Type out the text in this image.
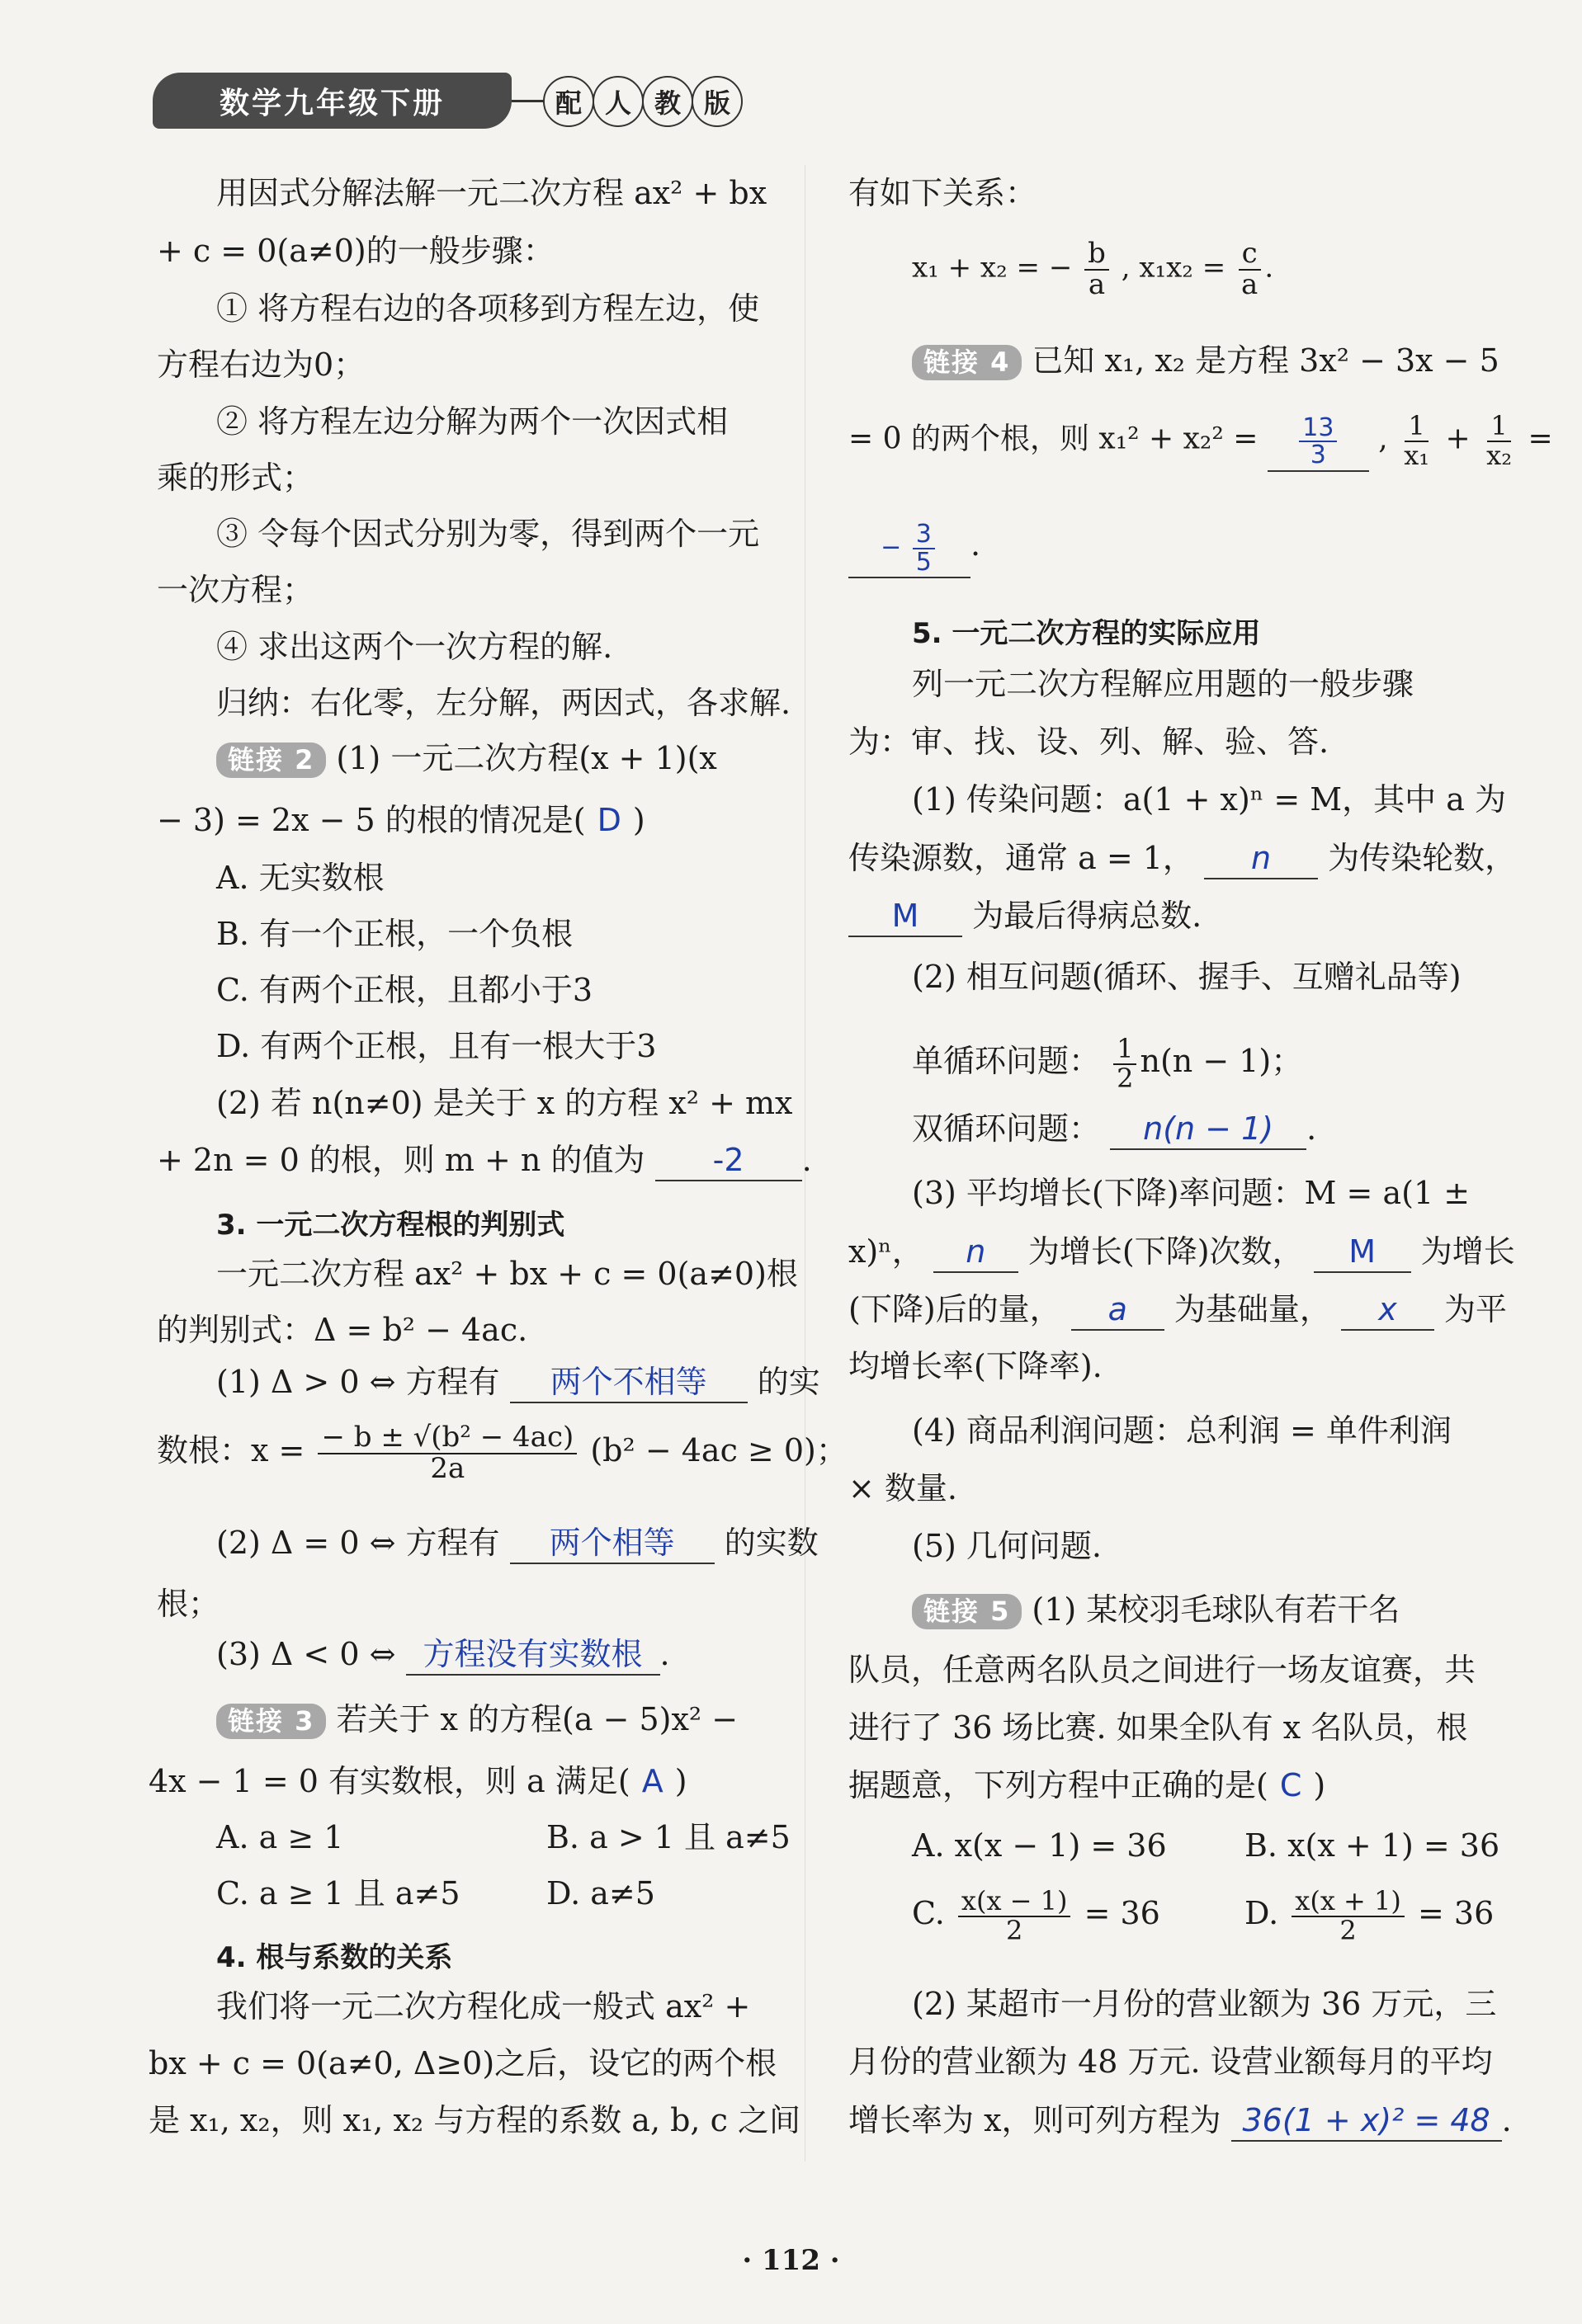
数学九年级下册	配 人 教 版
用因式分解法解一元二次方程 ax² + bx
+ c = 0(a≠0)的一般步骤：
① 将方程右边的各项移到方程左边，使
方程右边为0；
② 将方程左边分解为两个一次因式相
乘的形式；
③ 令每个因式分别为零，得到两个一元
一次方程；
④ 求出这两个一次方程的解.
归纳：右化零，左分解，两因式，各求解.
链接 2 (1) 一元二次方程(x + 1)(x
− 3) = 2x − 5 的根的情况是( D )
A. 无实数根
B. 有一个正根，一个负根
C. 有两个正根，且都小于3
D. 有两个正根，且有一根大于3
(2) 若 n(n≠0) 是关于 x 的方程 x² + mx
+ 2n = 0 的根，则 m + n 的值为 -2 .
3. 一元二次方程根的判别式
一元二次方程 ax² + bx + c = 0(a≠0)根
的判别式：Δ = b² − 4ac.
(1) Δ > 0 ⇔ 方程有 两个不相等 的实
数根：$x = \frac{\text{− b ± √(b² − 4ac)}}{2a} (b^2 - 4ac \ge 0)$；
(2) Δ = 0 ⇔ 方程有 两个相等 的实数
根；
(3) Δ < 0 ⇔ 方程没有实数根 .
链接 3 若关于 x 的方程(a − 5)x² −
4x − 1 = 0 有实数根，则 a 满足( A )
A. a ≥ 1	B. a > 1 且 a≠5
C. a ≥ 1 且 a≠5	D. a≠5
4. 根与系数的关系
我们将一元二次方程化成一般式 ax² +
bx + c = 0(a≠0, Δ≥0)之后，设它的两个根
是 x₁, x₂，则 x₁, x₂ 与方程的系数 a, b, c 之间
有如下关系：
x₁ + x₂ = − $\frac{b}{a}$ , $x_1x_2 = \frac{c}{a}$ .
链接 4 已知 x₁, x₂ 是方程 3x² − 3x − 5
= 0 的两个根，则 $x_1^2 + x_2^2 = \frac{13}{3}$ , $\frac{1}{\text{x₁}} + \frac{1}{\text{x₂}}$ =
− $\frac{3}{5}$ .
5. 一元二次方程的实际应用
列一元二次方程解应用题的一般步骤
为：审、找、设、列、解、验、答.
(1) 传染问题：a(1 + x)ⁿ = M，其中 a 为
传染源数，通常 a = 1， n 为传染轮数，
M 为最后得病总数.
(2) 相互问题(循环、握手、互赠礼品等)
单循环问题： $\frac{1}{2} n(n - 1)$；
双循环问题： n(n − 1) .
(3) 平均增长(下降)率问题：M = a(1 ±
x)ⁿ， n 为增长(下降)次数， M 为增长
(下降)后的量， a 为基础量， x 为平
均增长率(下降率).
(4) 商品利润问题：总利润 = 单件利润
× 数量.
(5) 几何问题.
链接 5 (1) 某校羽毛球队有若干名
队员，任意两名队员之间进行一场友谊赛，共
进行了 36 场比赛. 如果全队有 x 名队员，根
据题意，下列方程中正确的是( C )
A. x(x − 1) = 36 B. x(x + 1) = 36
C. $\frac{x(x - 1)}{2} = 36$	D. $\frac{x(x + 1)}{2} = 36$
(2) 某超市一月份的营业额为 36 万元，三
月份的营业额为 48 万元. 设营业额每月的平均
增长率为 x，则可列方程为 36(1 + x)² = 48 .
· 112 ·
